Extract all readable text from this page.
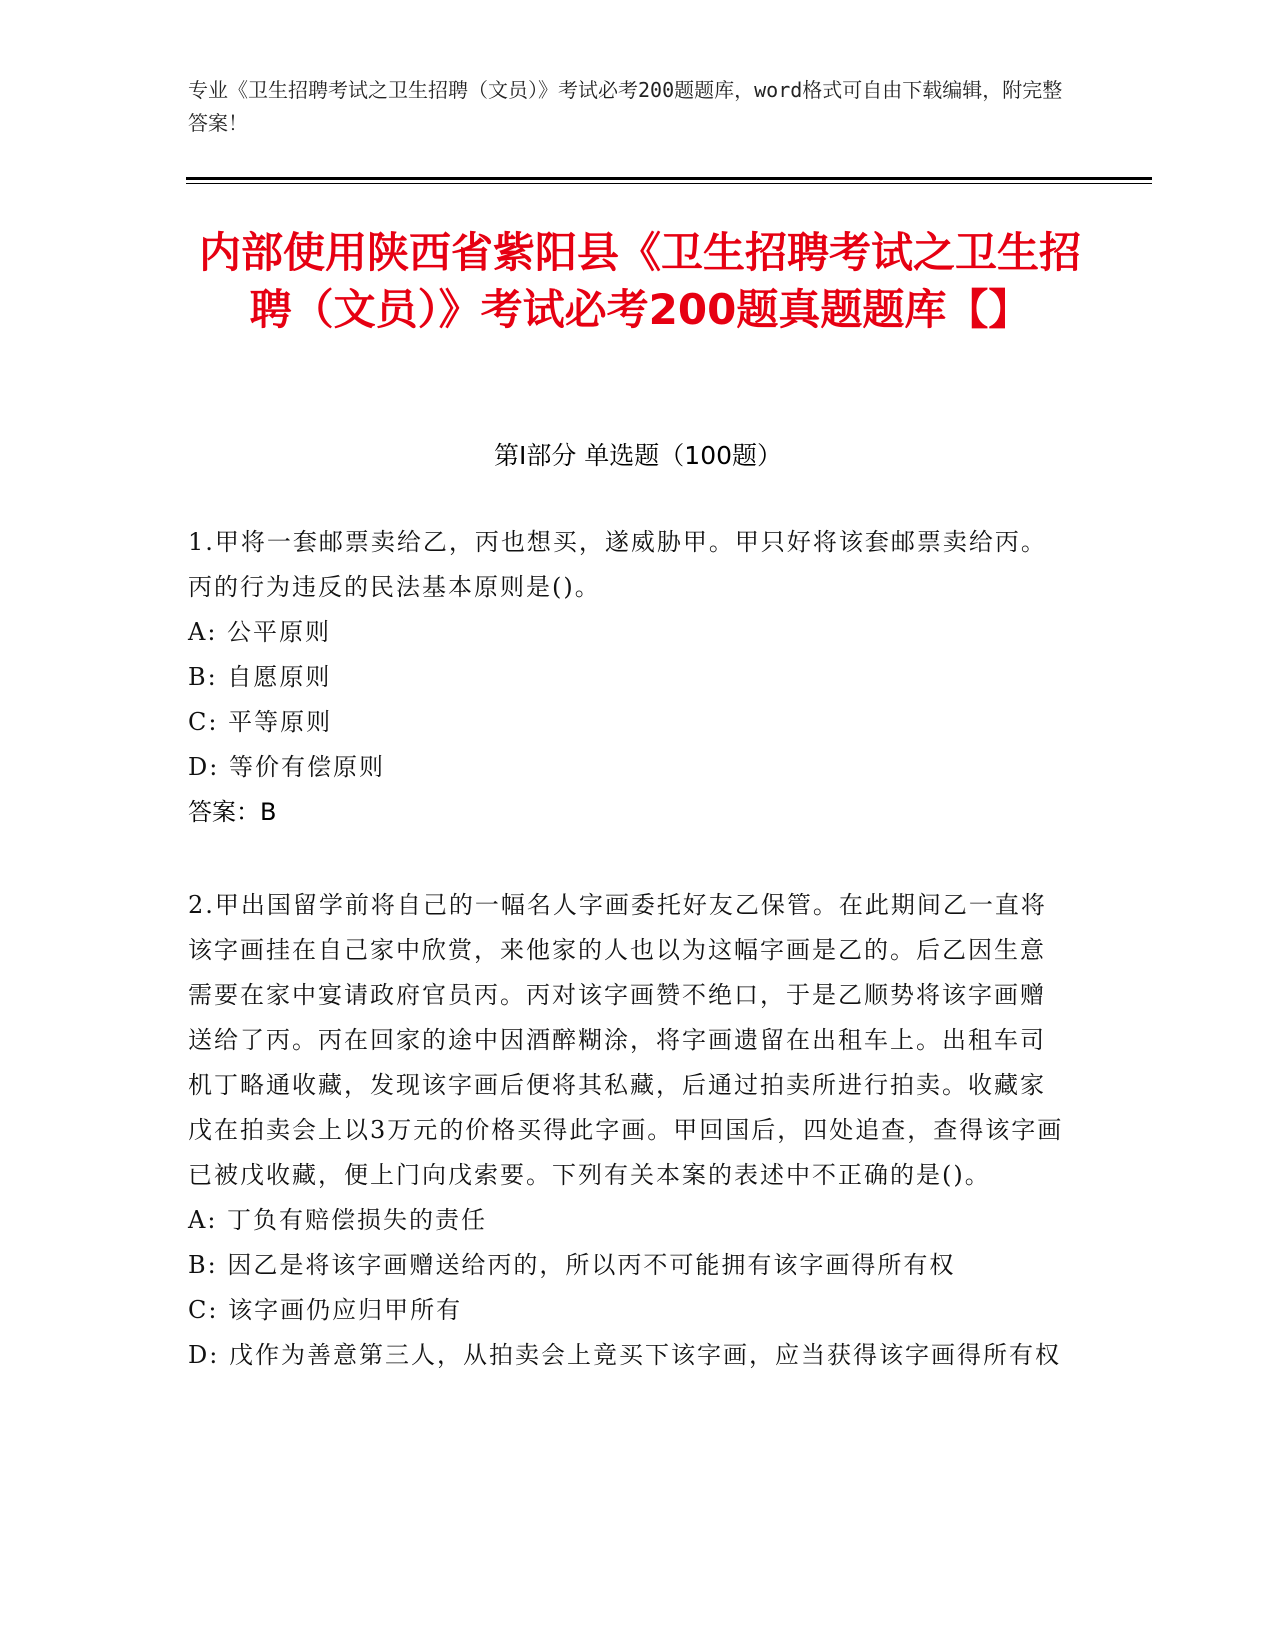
专业《卫生招聘考试之卫生招聘（文员）》考试必考200题题库，word格式可自由下载编辑，附完整答案！
内部使用陕西省紫阳县《卫生招聘考试之卫生招聘（文员）》考试必考200题真题题库【】
第Ⅰ部分 单选题（100题）
1.甲将一套邮票卖给乙，丙也想买，遂威胁甲。甲只好将该套邮票卖给丙。丙的行为违反的民法基本原则是()。
A: 公平原则
B: 自愿原则
C: 平等原则
D: 等价有偿原则
答案：B
2.甲出国留学前将自己的一幅名人字画委托好友乙保管。在此期间乙一直将该字画挂在自己家中欣赏，来他家的人也以为这幅字画是乙的。后乙因生意需要在家中宴请政府官员丙。丙对该字画赞不绝口，于是乙顺势将该字画赠送给了丙。丙在回家的途中因酒醉糊涂，将字画遗留在出租车上。出租车司机丁略通收藏，发现该字画后便将其私藏，后通过拍卖所进行拍卖。收藏家戊在拍卖会上以3万元的价格买得此字画。甲回国后，四处追查，查得该字画已被戊收藏，便上门向戊索要。下列有关本案的表述中不正确的是()。
A: 丁负有赔偿损失的责任
B: 因乙是将该字画赠送给丙的，所以丙不可能拥有该字画得所有权
C: 该字画仍应归甲所有
D: 戊作为善意第三人，从拍卖会上竟买下该字画，应当获得该字画得所有权
